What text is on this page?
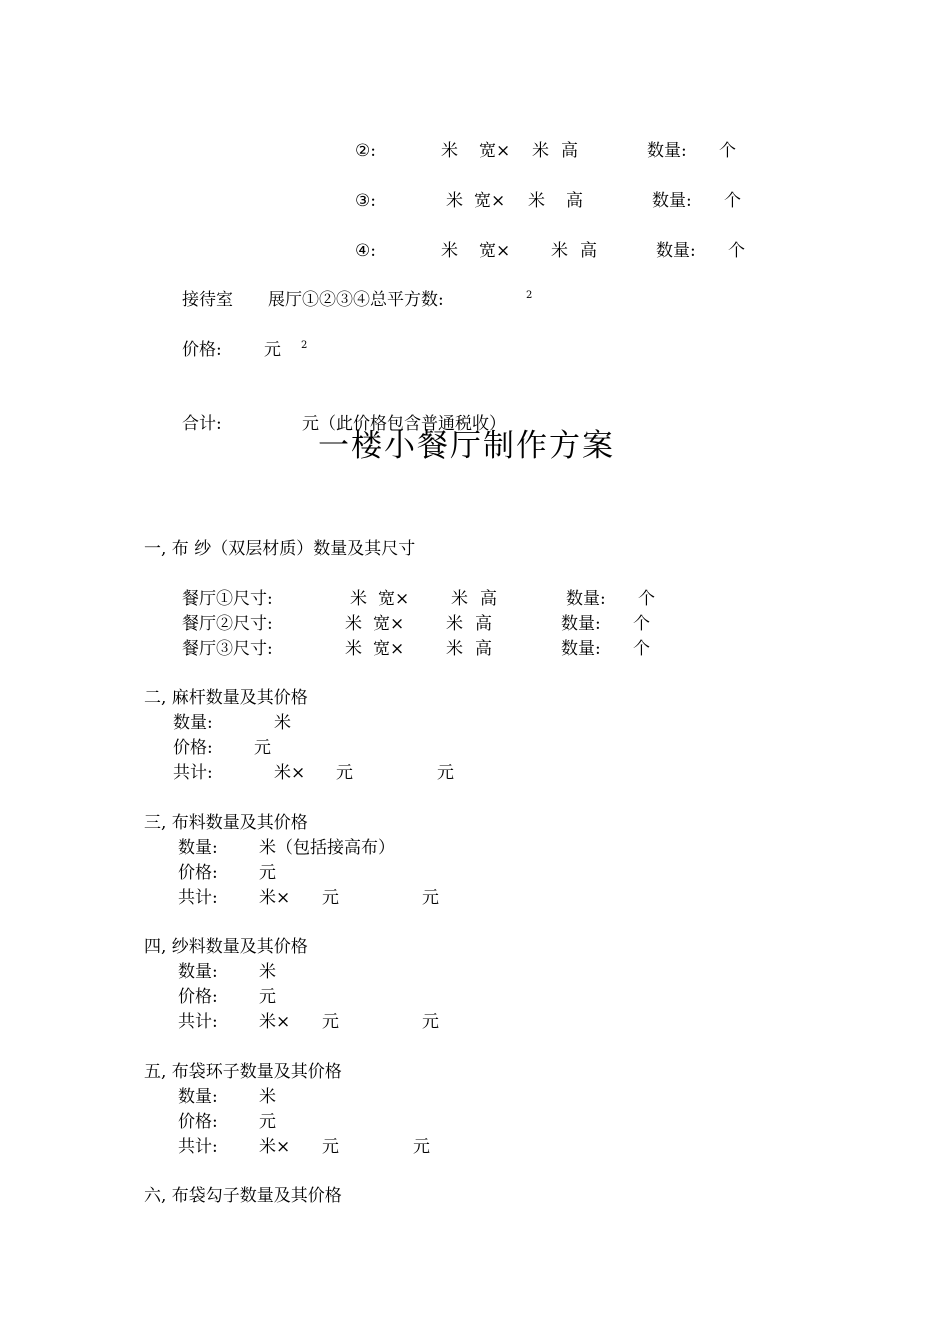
②:	米 宽× 米 高	数量: 个
③:	米 宽× 米 高	数量: 个
④:	米 宽× 米 高	数量: 个
接待室 展厅①②③④总平方数:	2
价格: 元 2
合计:	元（此价格包含普通税收）
一楼小餐厅制作方案
一, 布 纱（双层材质）数量及其尺寸
餐厅①尺寸:	米 宽× 米 高	数量: 个
餐厅②尺寸:	米 宽× 米 高	数量: 个
餐厅③尺寸:	米 宽× 米 高	数量: 个
二, 麻杆数量及其价格
数量:	米
价格: 元
共计:	米× 元	元
三, 布料数量及其价格
数量: 米（包括接高布）
价格: 元
共计: 米× 元	元
四, 纱料数量及其价格
数量: 米
价格: 元
共计: 米× 元	元
五, 布袋环子数量及其价格
数量: 米
价格: 元
共计: 米× 元	元
六, 布袋勾子数量及其价格
